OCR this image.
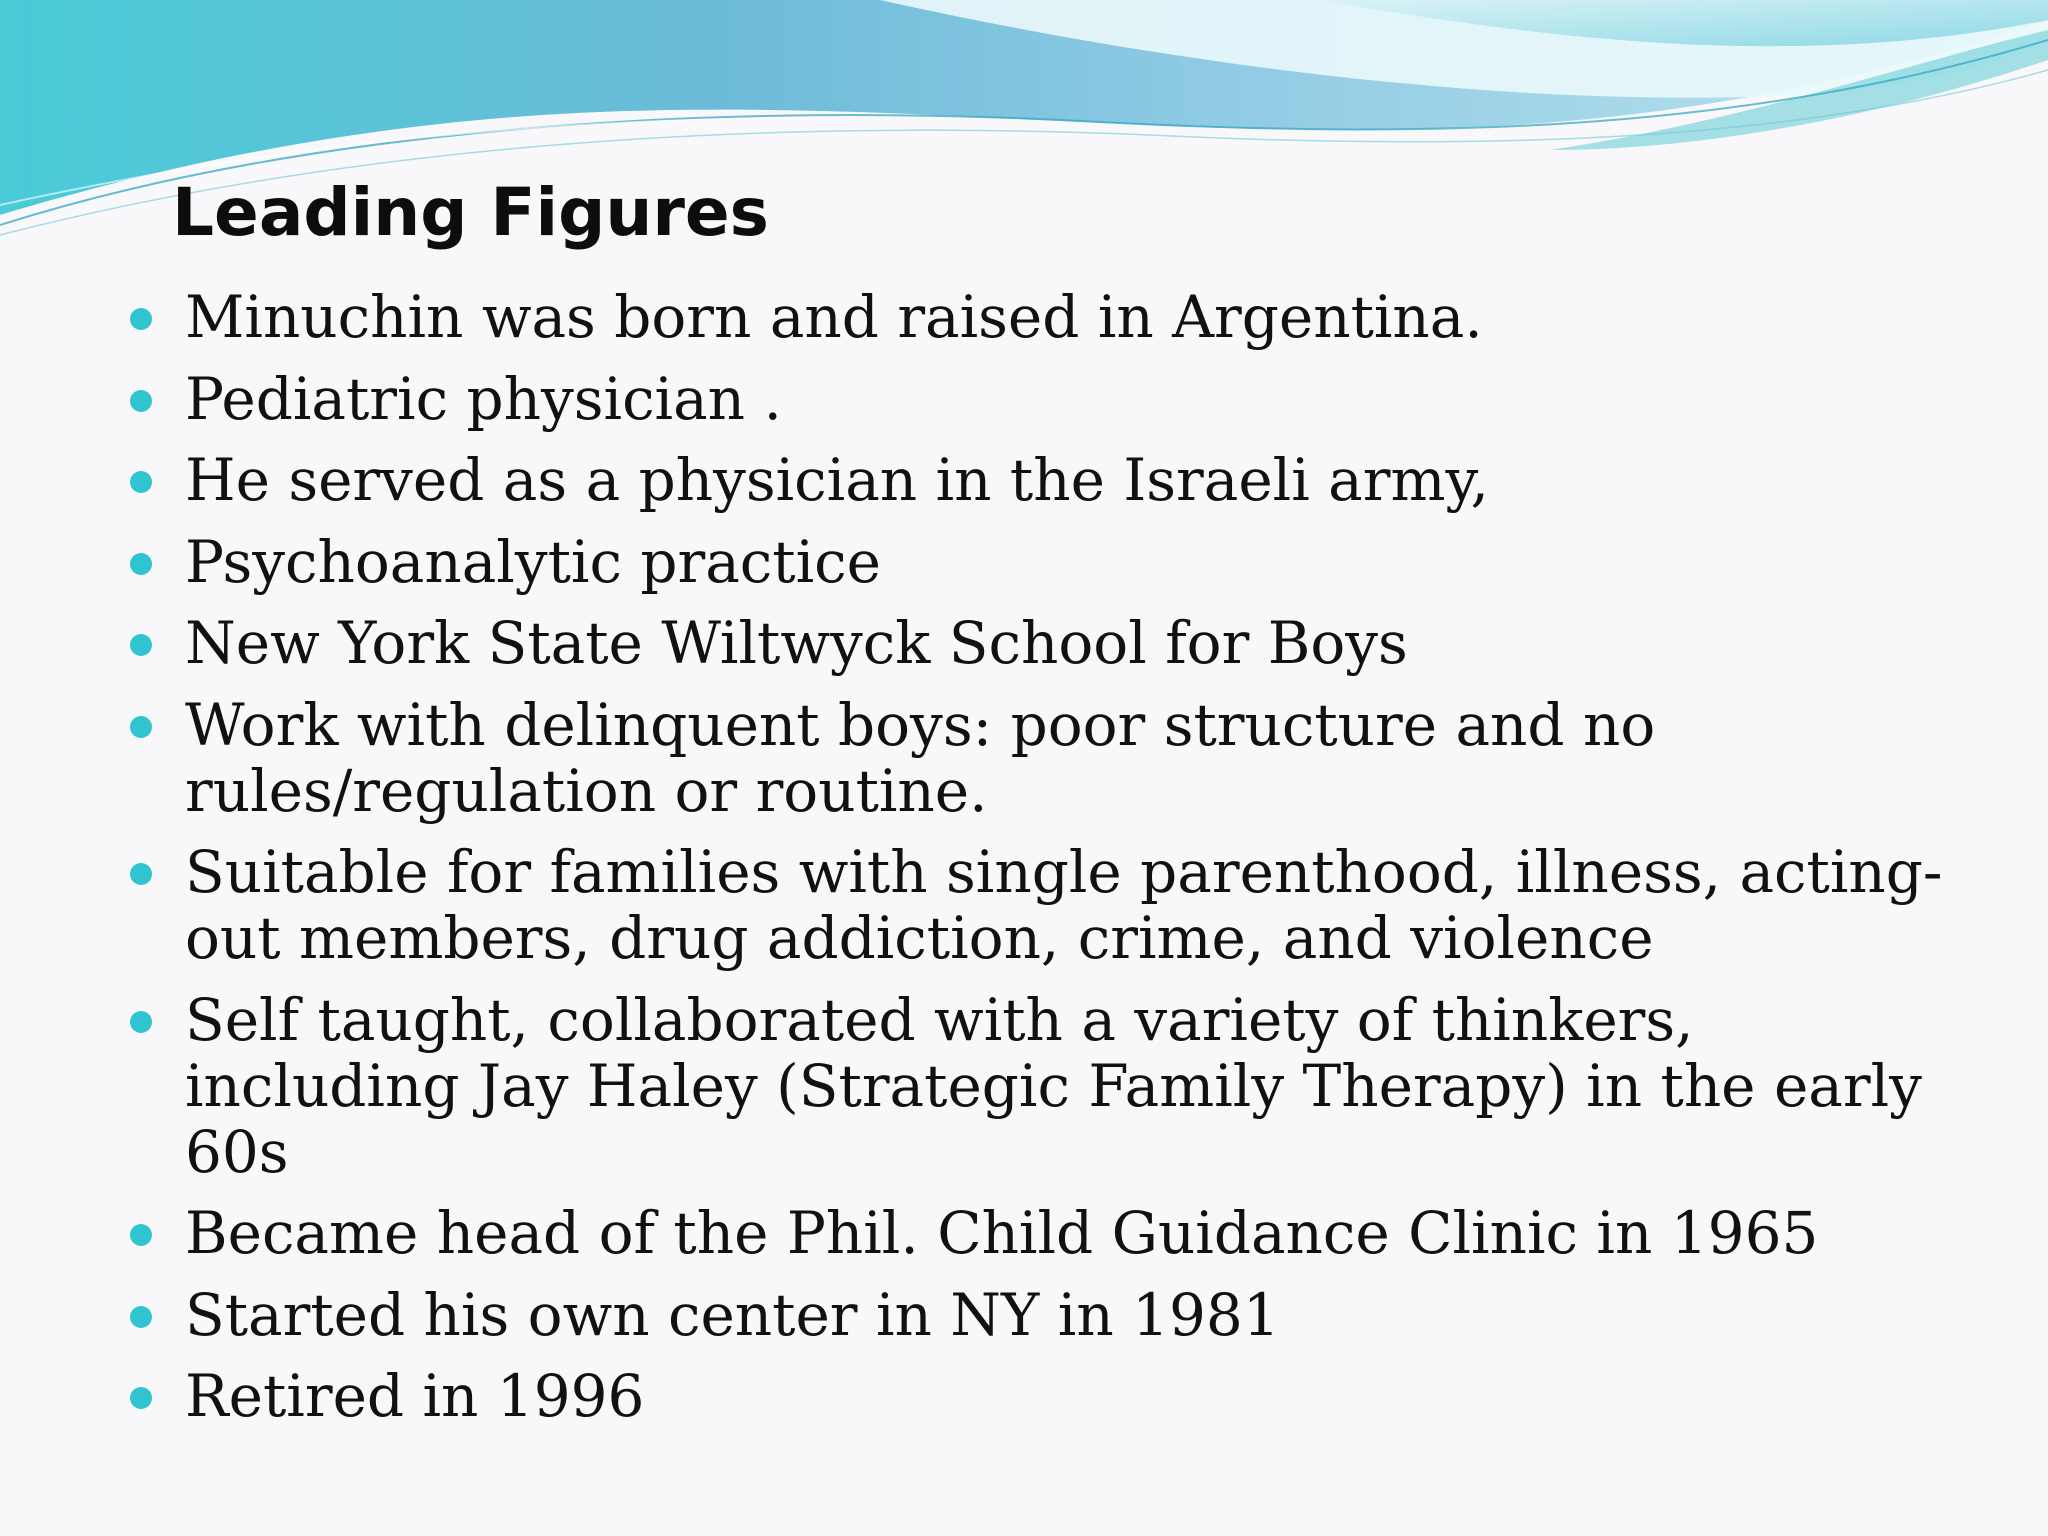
Leading Figures
Minuchin was born and raised in Argentina.
Pediatric physician .
He served as a physician in the Israeli army,
Psychoanalytic practice
New York State Wiltwyck School for Boys
Work with delinquent boys: poor structure and no
rules/regulation or routine.
Suitable for families with single parenthood, illness, acting-
out members, drug addiction, crime, and violence
Self taught, collaborated with a variety of thinkers,
including Jay Haley (Strategic Family Therapy) in the early
60s
Became head of the Phil. Child Guidance Clinic in 1965
Started his own center in NY in 1981
Retired in 1996
